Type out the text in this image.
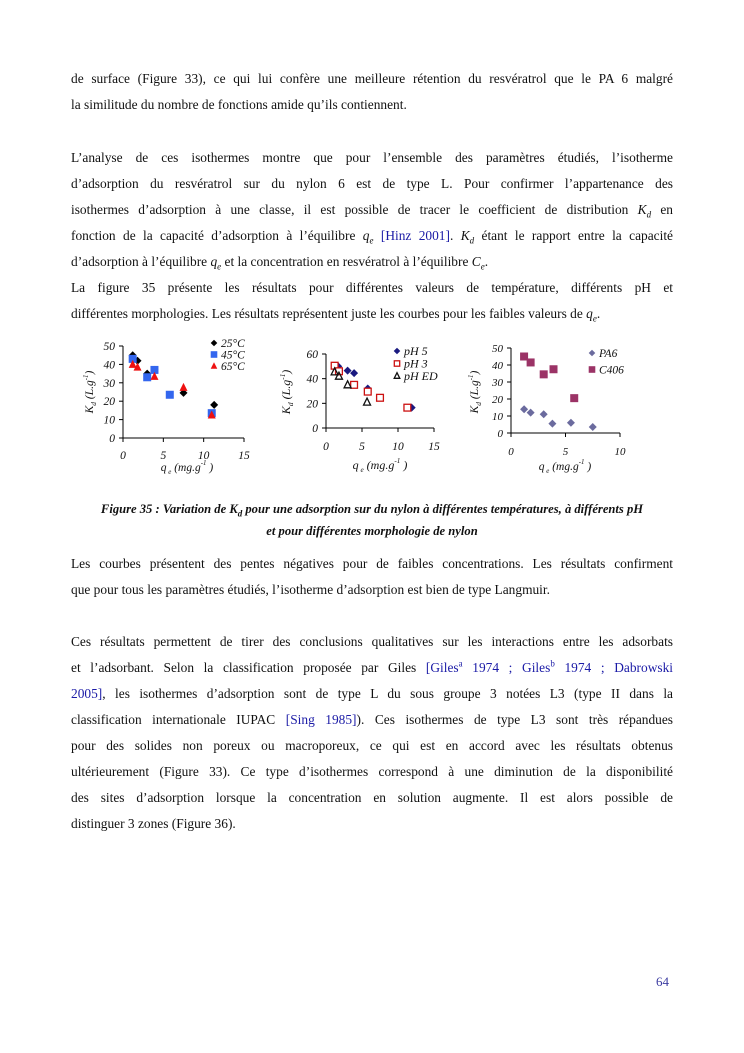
de surface (Figure 33), ce qui lui confère une meilleure rétention du resvératrol que le PA 6 malgré
la similitude du nombre de fonctions amide qu’ils contiennent.
L’analyse de ces isothermes montre que pour l’ensemble des paramètres étudiés, l’isotherme
d’adsorption du resvératrol sur du nylon 6 est de type L. Pour confirmer l’appartenance des
isothermes d’adsorption à une classe, il est possible de tracer le coefficient de distribution $K_d$ en
fonction de la capacité d’adsorption à l’équilibre $q_e$ [Hinz 2001]. $K_d$ étant le rapport entre la capacité
d’adsorption à l’équilibre $q_e$ et la concentration en resvératrol à l’équilibre $C_e$.
La figure 35 présente les résultats pour différentes valeurs de température, différents pH et
différentes morphologies. Les résultats représentent juste les courbes pour les faibles valeurs de $q_e$.
0
10
20
30
40
50
0	5	10	15
$K_d$ $(L.g^{-1})$
q $_e$ ($mg.g^{-1}$ )
25°C
45°C
65°C
0
20
40
60
0	5 10 15
$K_d$ $(L.g^{-1})$
q $_e$ ($mg.g^{-1}$ )
pH 5
pH 3
pH ED
0
10
20
30
40
50
0	5	10
$K_d$ $(L.g^{-1})$
q $_e$ ($mg.g^{-1}$ )
PA6
C406
Figure 35 : Variation de $K_d$ pour une adsorption sur du nylon à différentes températures, à différents pH
et pour différentes morphologie de nylon
Les courbes présentent des pentes négatives pour de faibles concentrations. Les résultats confirment
que pour tous les paramètres étudiés, l’isotherme d’adsorption est bien de type Langmuir.
Ces résultats permettent de tirer des conclusions qualitatives sur les interactions entre les adsorbats
et l’adsorbant. Selon la classification proposée par Giles [Giles$^a$ 1974 ; Giles$^b$ 1974 ; Dabrowski
2005], les isothermes d’adsorption sont de type L du sous groupe 3 notées L3 (type II dans la
classification internationale IUPAC [Sing 1985]). Ces isothermes de type L3 sont très répandues
pour des solides non poreux ou macroporeux, ce qui est en accord avec les résultats obtenus
ultérieurement (Figure 33). Ce type d’isothermes correspond à une diminution de la disponibilité
des sites d’adsorption lorsque la concentration en solution augmente. Il est alors possible de
distinguer 3 zones (Figure 36).
64
